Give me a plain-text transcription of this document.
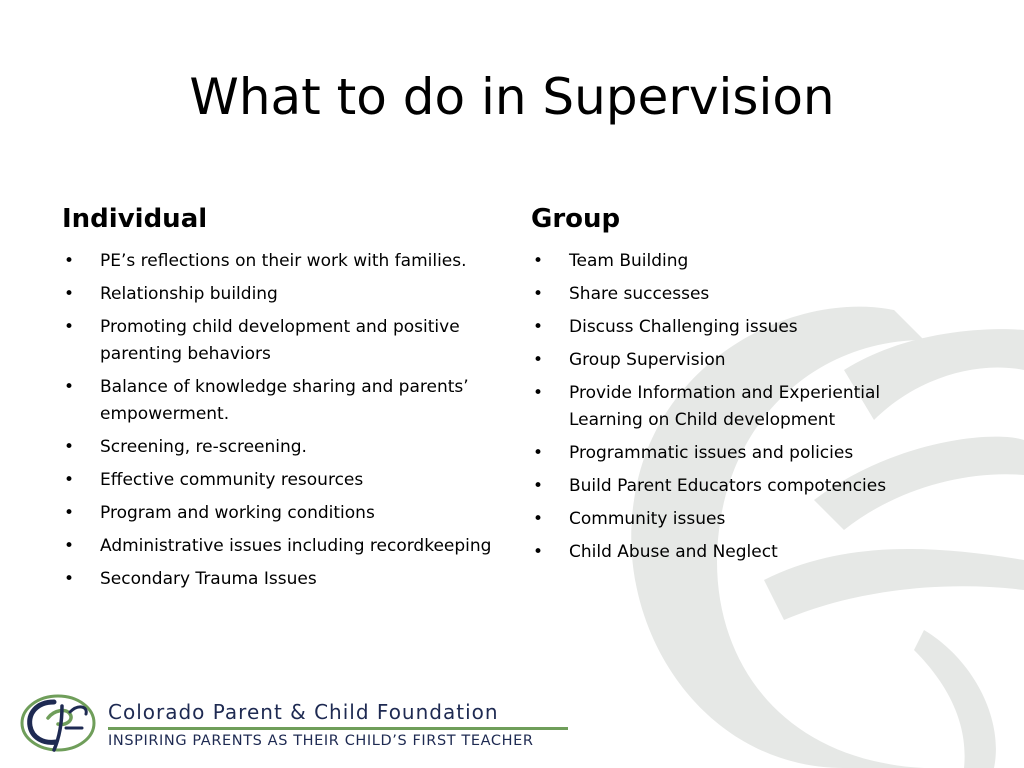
What to do in Supervision
Individual
• PE’s reflections on their work with families.
• Relationship building
• Promoting child development and positive parenting behaviors
• Balance of knowledge sharing and parents’ empowerment.
• Screening, re-screening.
• Effective community resources
• Program and working conditions
• Administrative issues including recordkeeping
• Secondary Trauma Issues
Group
• Team Building
• Share successes
• Discuss Challenging issues
• Group Supervision
• Provide Information and Experiential Learning on Child development
• Programmatic issues and policies
• Build Parent Educators compotencies
• Community issues
• Child Abuse and Neglect
Colorado Parent & Child Foundation
INSPIRING PARENTS AS THEIR CHILD’S FIRST TEACHER
